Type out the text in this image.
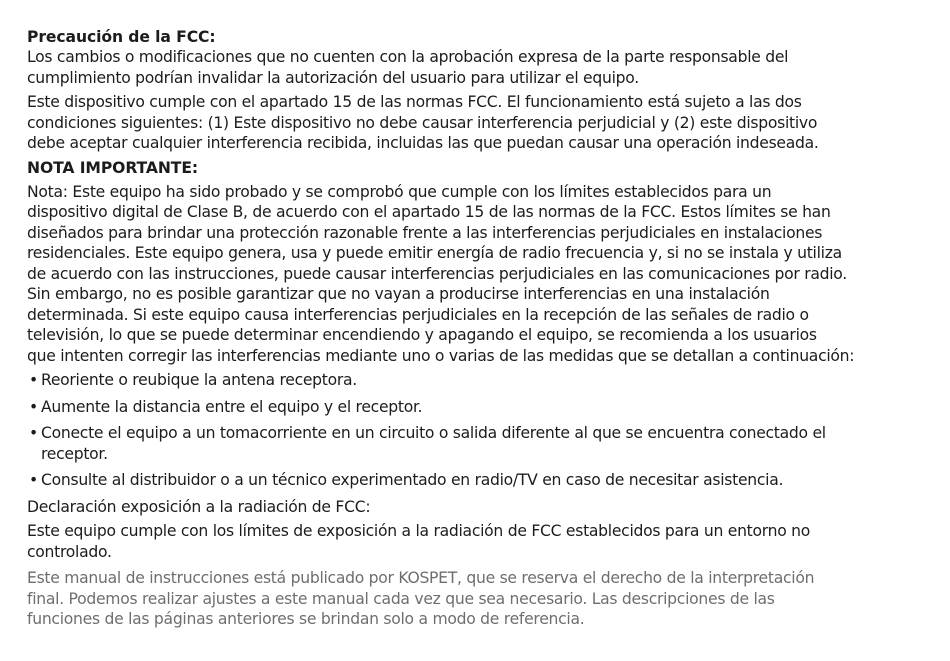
Precaución de la FCC:

Los cambios o modificaciones que no cuenten con la aprobación expresa de la parte responsable del
cumplimiento podrían invalidar la autorización del usuario para utilizar el equipo.

Este dispositivo cumple con el apartado 15 de las normas FCC. El funcionamiento está sujeto a las dos
condiciones siguientes: (1) Este dispositivo no debe causar interferencia perjudicial y (2) este dispositivo
debe aceptar cualquier interferencia recibida, incluidas las que puedan causar una operación indeseada.

NOTA IMPORTANTE:

Nota: Este equipo ha sido probado y se comprobó que cumple con los límites establecidos para un
dispositivo digital de Clase B, de acuerdo con el apartado 15 de las normas de la FCC. Estos límites se han
diseñados para brindar una protección razonable frente a las interferencias perjudiciales en instalaciones
residenciales. Este equipo genera, usa y puede emitir energía de radio frecuencia y, si no se instala y utiliza
de acuerdo con las instrucciones, puede causar interferencias perjudiciales en las comunicaciones por radio.
Sin embargo, no es posible garantizar que no vayan a producirse interferencias en una instalación
determinada. Si este equipo causa interferencias perjudiciales en la recepción de las señales de radio o
televisión, lo que se puede determinar encendiendo y apagando el equipo, se recomienda a los usuarios
que intenten corregir las interferencias mediante uno o varias de las medidas que se detallan a continuación:

• Reoriente o reubique la antena receptora.
• Aumente la distancia entre el equipo y el receptor.
• Conecte el equipo a un tomacorriente en un circuito o salida diferente al que se encuentra conectado el
receptor.
• Consulte al distribuidor o a un técnico experimentado en radio/TV en caso de necesitar asistencia.

Declaración exposición a la radiación de FCC:

Este equipo cumple con los límites de exposición a la radiación de FCC establecidos para un entorno no
controlado.

Este manual de instrucciones está publicado por KOSPET, que se reserva el derecho de la interpretación
final. Podemos realizar ajustes a este manual cada vez que sea necesario. Las descripciones de las
funciones de las páginas anteriores se brindan solo a modo de referencia.
